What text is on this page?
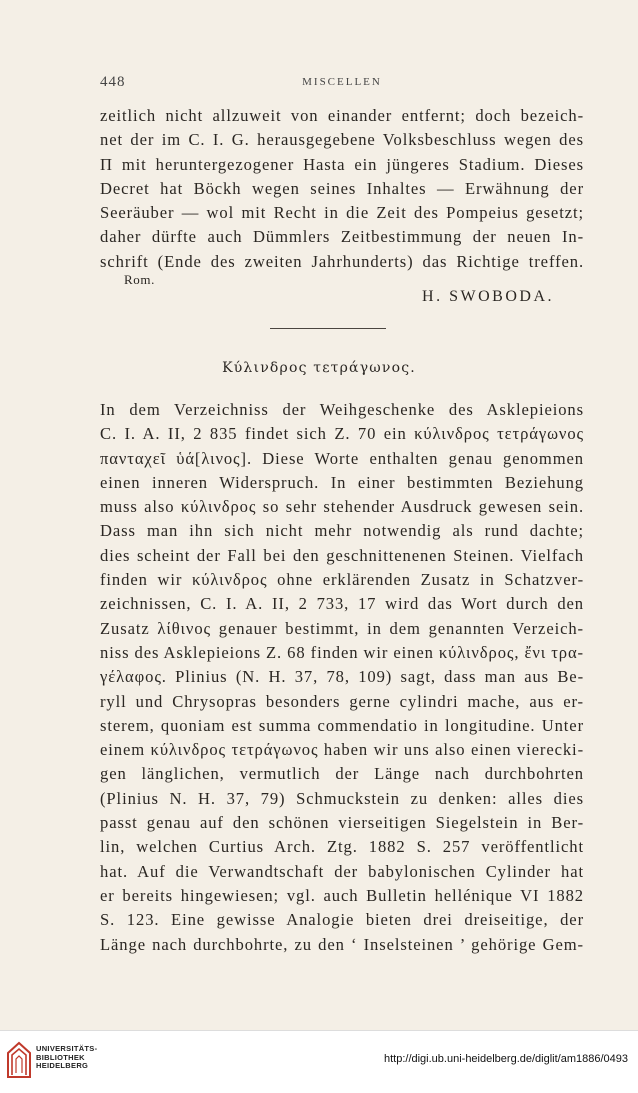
448	MISCELLEN
zeitlich nicht allzuweit von einander entfernt; doch bezeich-
net der im C. I. G. herausgegebene Volksbeschluss wegen des
Π mit heruntergezogener Hasta ein jüngeres Stadium. Dieses
Decret hat Böckh wegen seines Inhaltes — Erwähnung der
Seeräuber — wol mit Recht in die Zeit des Pompeius gesetzt;
daher dürfte auch Dümmlers Zeitbestimmung der neuen In-
schrift (Ende des zweiten Jahrhunderts) das Richtige treffen.
Rom.
H. SWOBODA.
Κύλινδρος τετράγωνος.
In dem Verzeichniss der Weihgeschenke des Asklepieions
C. I. A. II, 2 835 findet sich Z. 70 ein κύλινδρος τετράγωνος
πανταχεῖ ὑά[λινος]. Diese Worte enthalten genau genommen
einen inneren Widerspruch. In einer bestimmten Beziehung
muss also κύλινδρος so sehr stehender Ausdruck gewesen sein.
Dass man ihn sich nicht mehr notwendig als rund dachte;
dies scheint der Fall bei den geschnittenenen Steinen. Vielfach
finden wir κύλινδρος ohne erklärenden Zusatz in Schatzver-
zeichnissen, C. I. A. II, 2 733, 17 wird das Wort durch den
Zusatz λίθινος genauer bestimmt, in dem genannten Verzeich-
niss des Asklepieions Z. 68 finden wir einen κύλινδρος, ἔνι τρα-
γέλαφος. Plinius (N. H. 37, 78, 109) sagt, dass man aus Be-
ryll und Chrysopras besonders gerne cylindri mache, aus er-
sterem, quoniam est summa commendatio in longitudine. Unter
einem κύλινδρος τετράγωνος haben wir uns also einen vierecki-
gen länglichen, vermutlich der Länge nach durchbohrten
(Plinius N. H. 37, 79) Schmuckstein zu denken: alles dies
passt genau auf den schönen vierseitigen Siegelstein in Ber-
lin, welchen Curtius Arch. Ztg. 1882 S. 257 veröffentlicht
hat. Auf die Verwandtschaft der babylonischen Cylinder hat
er bereits hingewiesen; vgl. auch Bulletin hellénique VI 1882
S. 123. Eine gewisse Analogie bieten drei dreiseitige, der
Länge nach durchbohrte, zu den ‘ Inselsteinen ’ gehörige Gem-
UNIVERSITÄTS-
BIBLIOTHEK
HEIDELBERG
http://digi.ub.uni-heidelberg.de/diglit/am1886/0493
